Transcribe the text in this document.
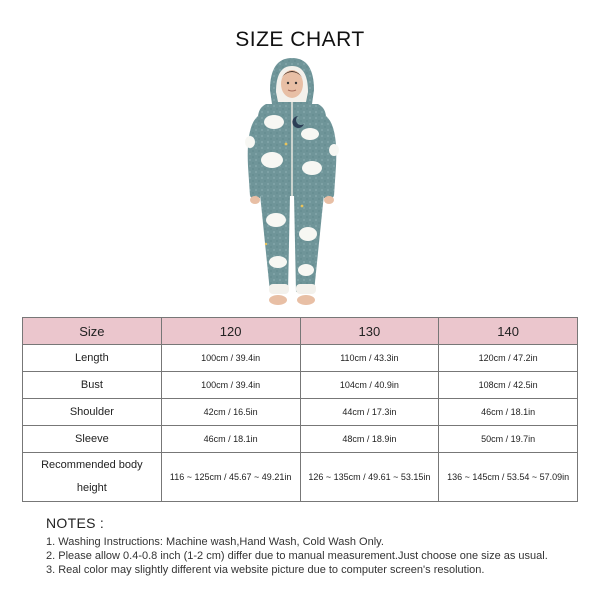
SIZE CHART
Size	120	130	140
Length	100cm / 39.4in	110cm / 43.3in	120cm / 47.2in
Bust	100cm / 39.4in	104cm / 40.9in	108cm / 42.5in
Shoulder	42cm / 16.5in	44cm / 17.3in	46cm / 18.1in
Sleeve	46cm / 18.1in	48cm / 18.9in	50cm / 19.7in

Recommended body
height	116 ~ 125cm / 45.67 ~ 49.21in	126 ~ 135cm / 49.61 ~ 53.15in	136 ~ 145cm / 53.54 ~ 57.09in
NOTES :
1. Washing Instructions: Machine wash,Hand Wash, Cold Wash Only.
2. Please allow 0.4-0.8 inch (1-2 cm) differ due to manual measurement.Just choose one size as usual.
3. Real color may slightly different via website picture due to computer screen's resolution.
